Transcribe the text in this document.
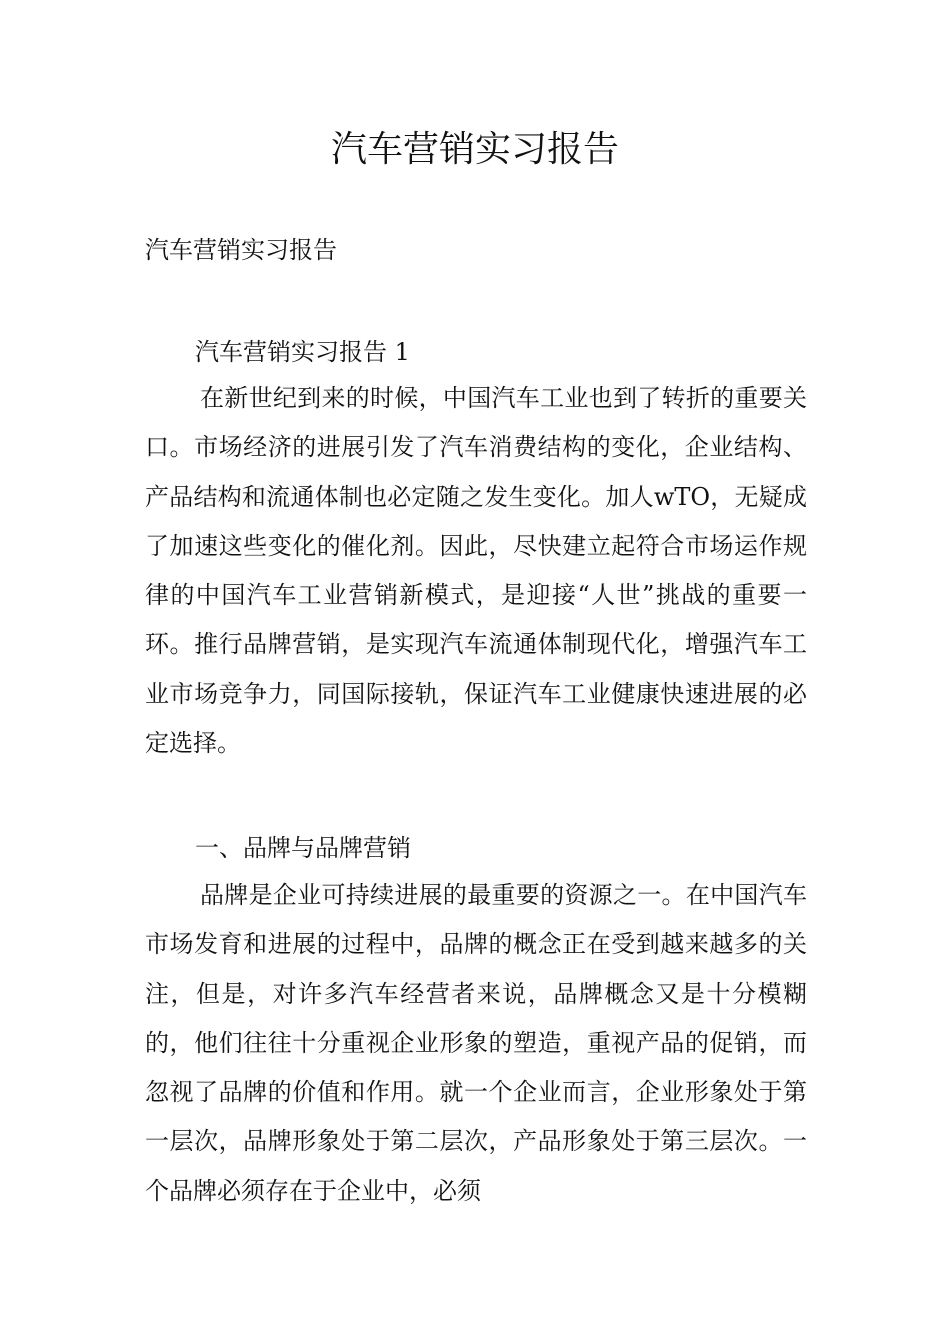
汽车营销实习报告

汽车营销实习报告

汽车营销实习报告 1

在新世纪到来的时候，中国汽车工业也到了转折的重要关口。市场经济的进展引发了汽车消费结构的变化，企业结构、产品结构和流通体制也必定随之发生变化。加人wTO，无疑成了加速这些变化的催化剂。因此，尽快建立起符合市场运作规律的中国汽车工业营销新模式，是迎接“人世”挑战的重要一环。推行品牌营销，是实现汽车流通体制现代化，增强汽车工业市场竞争力，同国际接轨，保证汽车工业健康快速进展的必定选择。

一、品牌与品牌营销

品牌是企业可持续进展的最重要的资源之一。在中国汽车市场发育和进展的过程中，品牌的概念正在受到越来越多的关注，但是，对许多汽车经营者来说，品牌概念又是十分模糊的，他们往往十分重视企业形象的塑造，重视产品的促销，而忽视了品牌的价值和作用。就一个企业而言，企业形象处于第一层次，品牌形象处于第二层次，产品形象处于第三层次。一个品牌必须存在于企业中，必须
